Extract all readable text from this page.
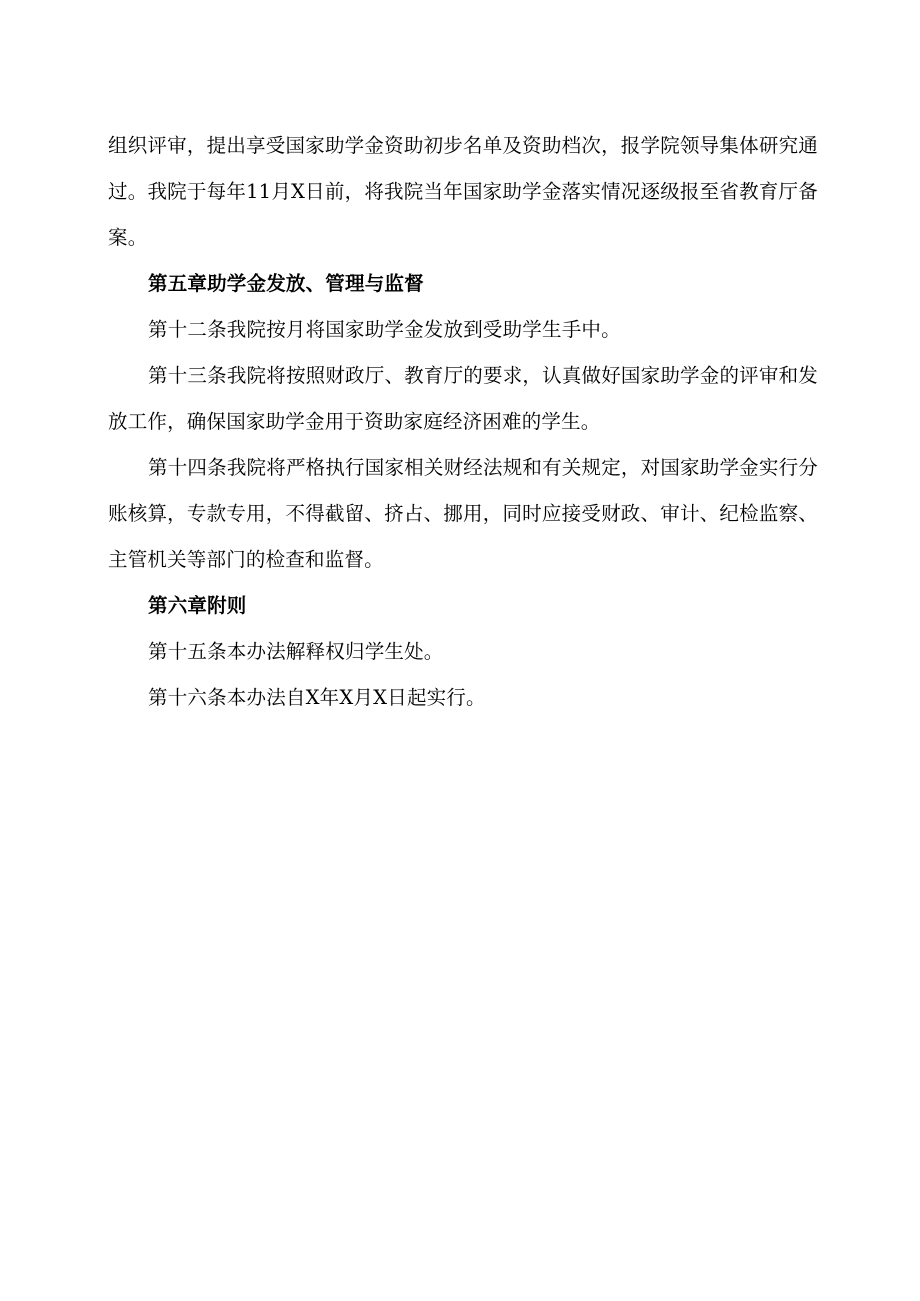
组织评审，提出享受国家助学金资助初步名单及资助档次，报学院领导集体研究通过。我院于每年11月X日前，将我院当年国家助学金落实情况逐级报至省教育厅备案。

第五章助学金发放、管理与监督

第十二条我院按月将国家助学金发放到受助学生手中。

第十三条我院将按照财政厅、教育厅的要求，认真做好国家助学金的评审和发放工作，确保国家助学金用于资助家庭经济困难的学生。

第十四条我院将严格执行国家相关财经法规和有关规定，对国家助学金实行分账核算，专款专用，不得截留、挤占、挪用，同时应接受财政、审计、纪检监察、主管机关等部门的检查和监督。

第六章附则

第十五条本办法解释权归学生处。

第十六条本办法自X年X月X日起实行。
